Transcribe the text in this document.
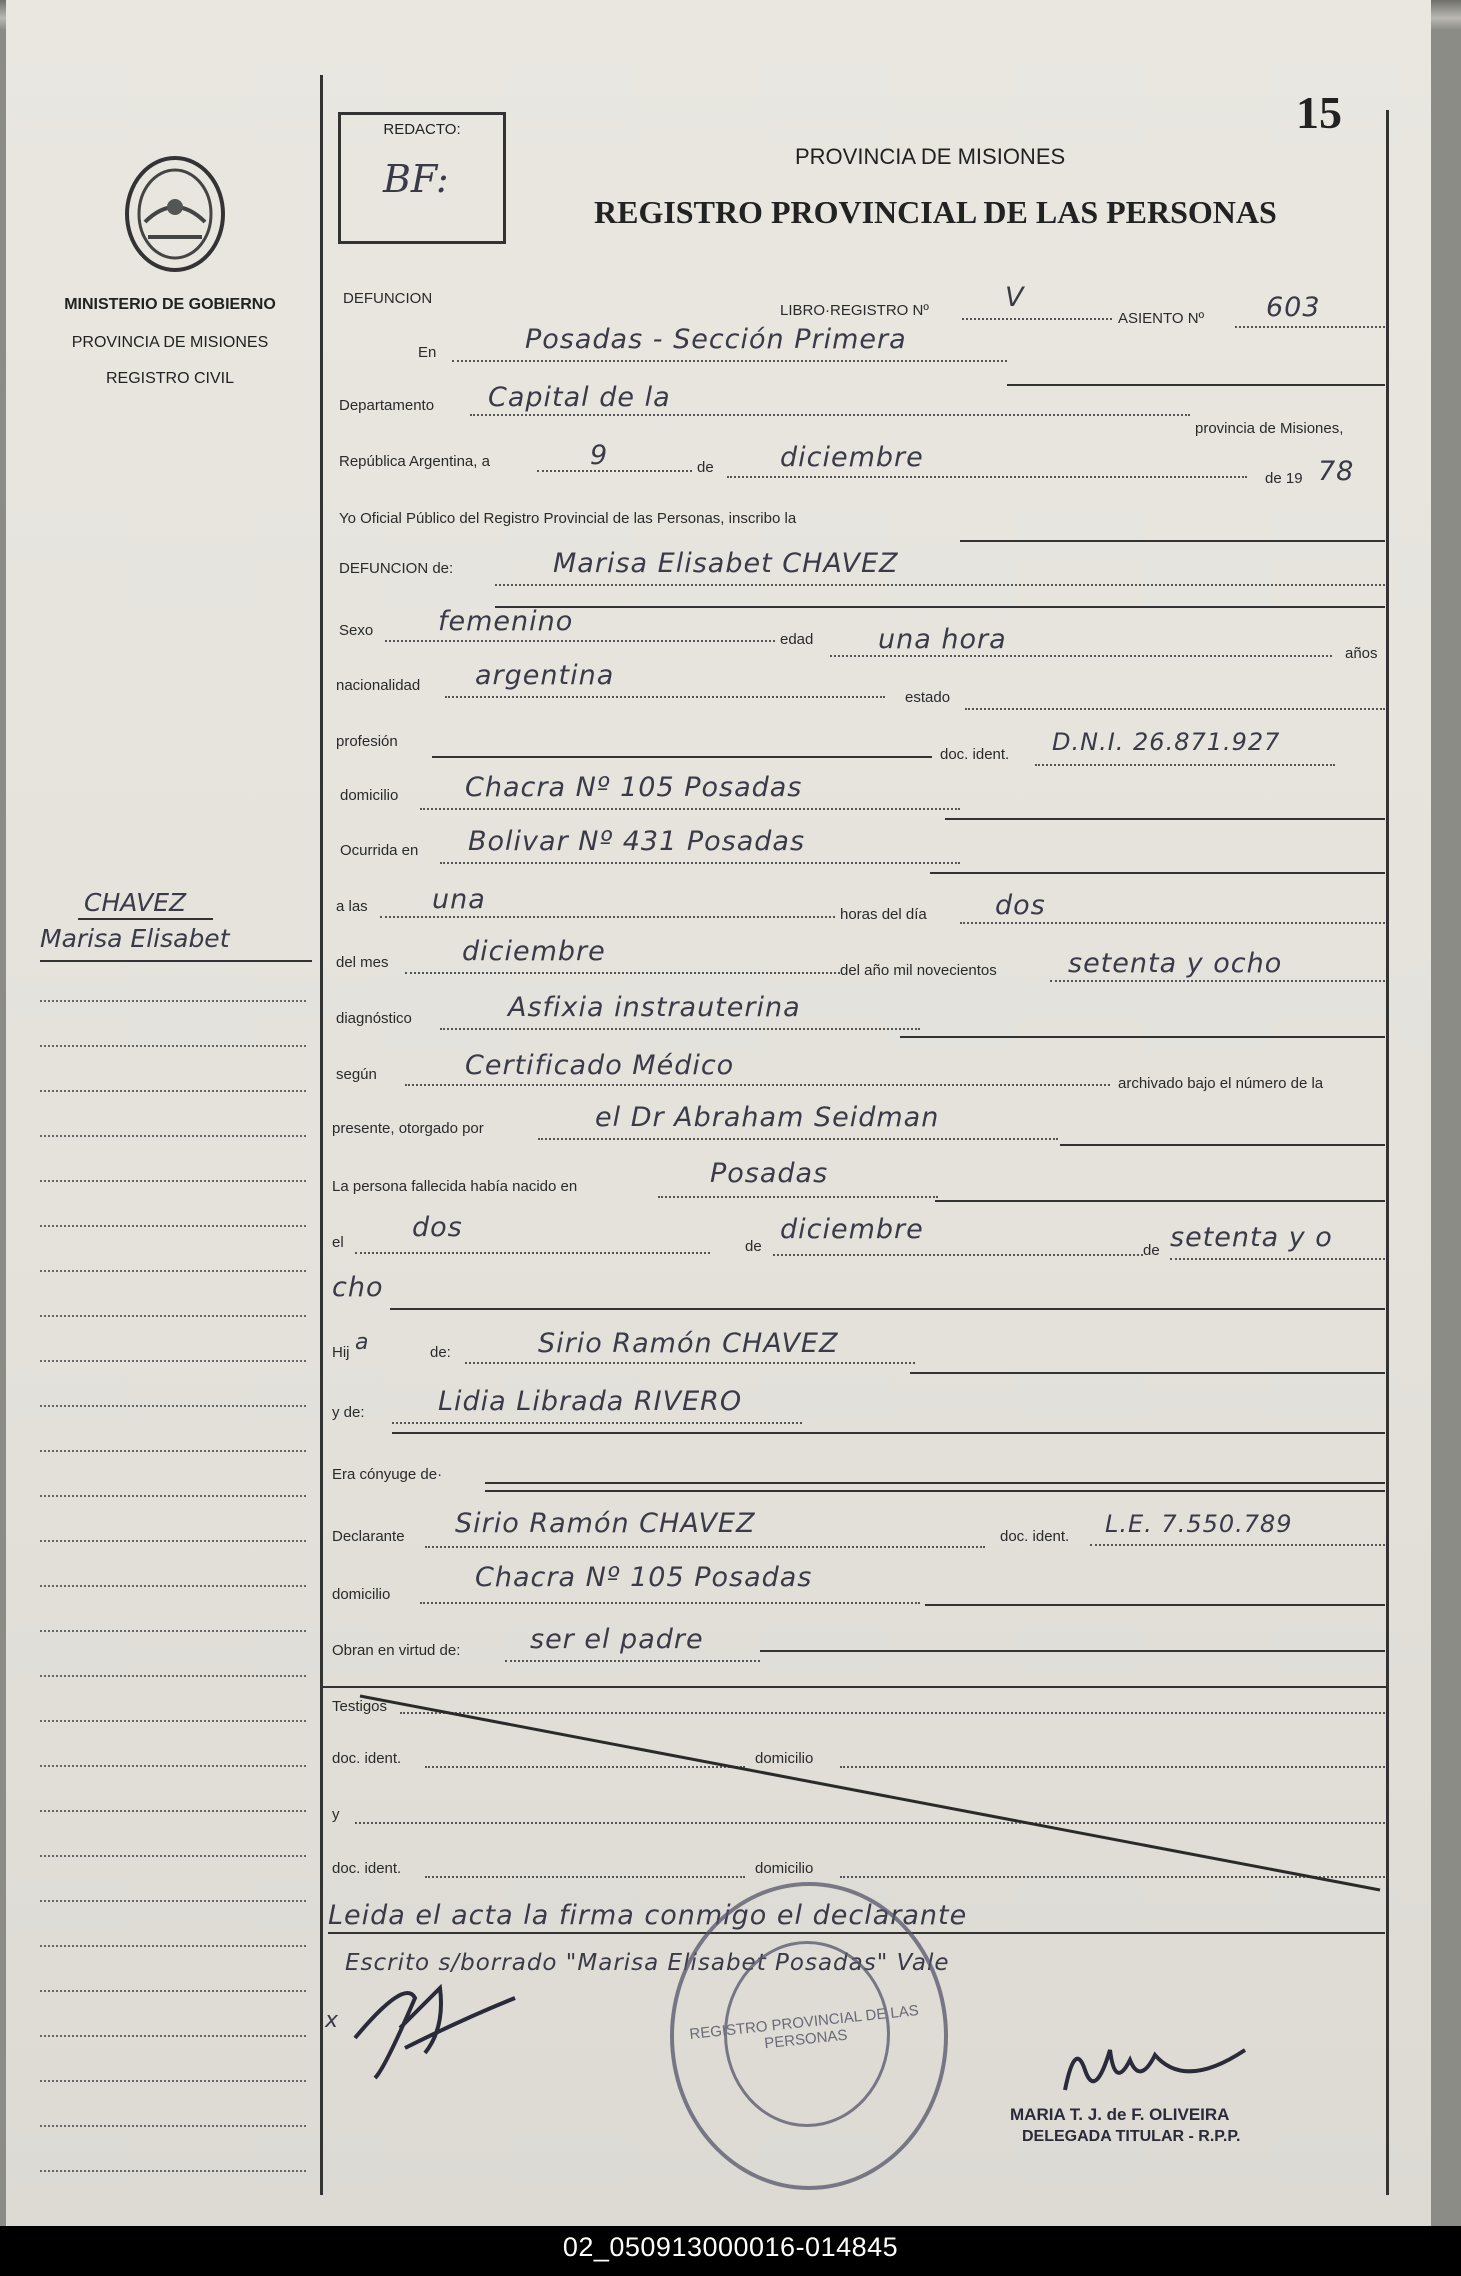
15
REDACTO:
BF:
PROVINCIA DE MISIONES
REGISTRO PROVINCIAL DE LAS PERSONAS
MINISTERIO DE GOBIERNO
PROVINCIA DE MISIONES
REGISTRO CIVIL
CHAVEZ
Marisa Elisabet
DEFUNCION
LIBRO·REGISTRO Nº	V
ASIENTO Nº 603
En	Posadas - Sección Primera
Departamento Capital de la
provincia de Misiones,
República Argentina, a	9	de diciembre
de 19 78
Yo Oficial Público del Registro Provincial de las Personas, inscribo la
DEFUNCION de:	Marisa Elisabet CHAVEZ
Sexo femenino
edad una hora	años
nacionalidad argentina
estado
profesión
doc. ident. D.N.I. 26.871.927
domicilio Chacra Nº 105 Posadas
Ocurrida en Bolivar Nº 431 Posadas
a las una	horas del día	dos
del mes	diciembre
del año mil novecientos	setenta y ocho
diagnóstico	Asfixia instrauterina
según	Certificado Médico
archivado bajo el número de la
presente, otorgado por	el Dr Abraham Seidman
La persona fallecida había nacido en	Posadas
el	dos
de
diciembre
de setenta y o
cho
Hij a	de:	Sirio Ramón CHAVEZ
y de:	Lidia Librada RIVERO
Era cónyuge de·
Declarante Sirio Ramón CHAVEZ	doc. ident. L.E. 7.550.789
domicilio
Chacra Nº 105 Posadas
Obran en virtud de:	ser el padre
Testigos
doc. ident.	domicilio
y
doc. ident.	domicilio
Leida el acta la firma conmigo el declarante
Escrito s/borrado "Marisa Elisabet Posadas" Vale
x	REGISTRO PROVINCIAL DE LAS PERSONAS
MARIA T. J. de F. OLIVEIRA
DELEGADA TITULAR - R.P.P.
02_050913000016-014845
